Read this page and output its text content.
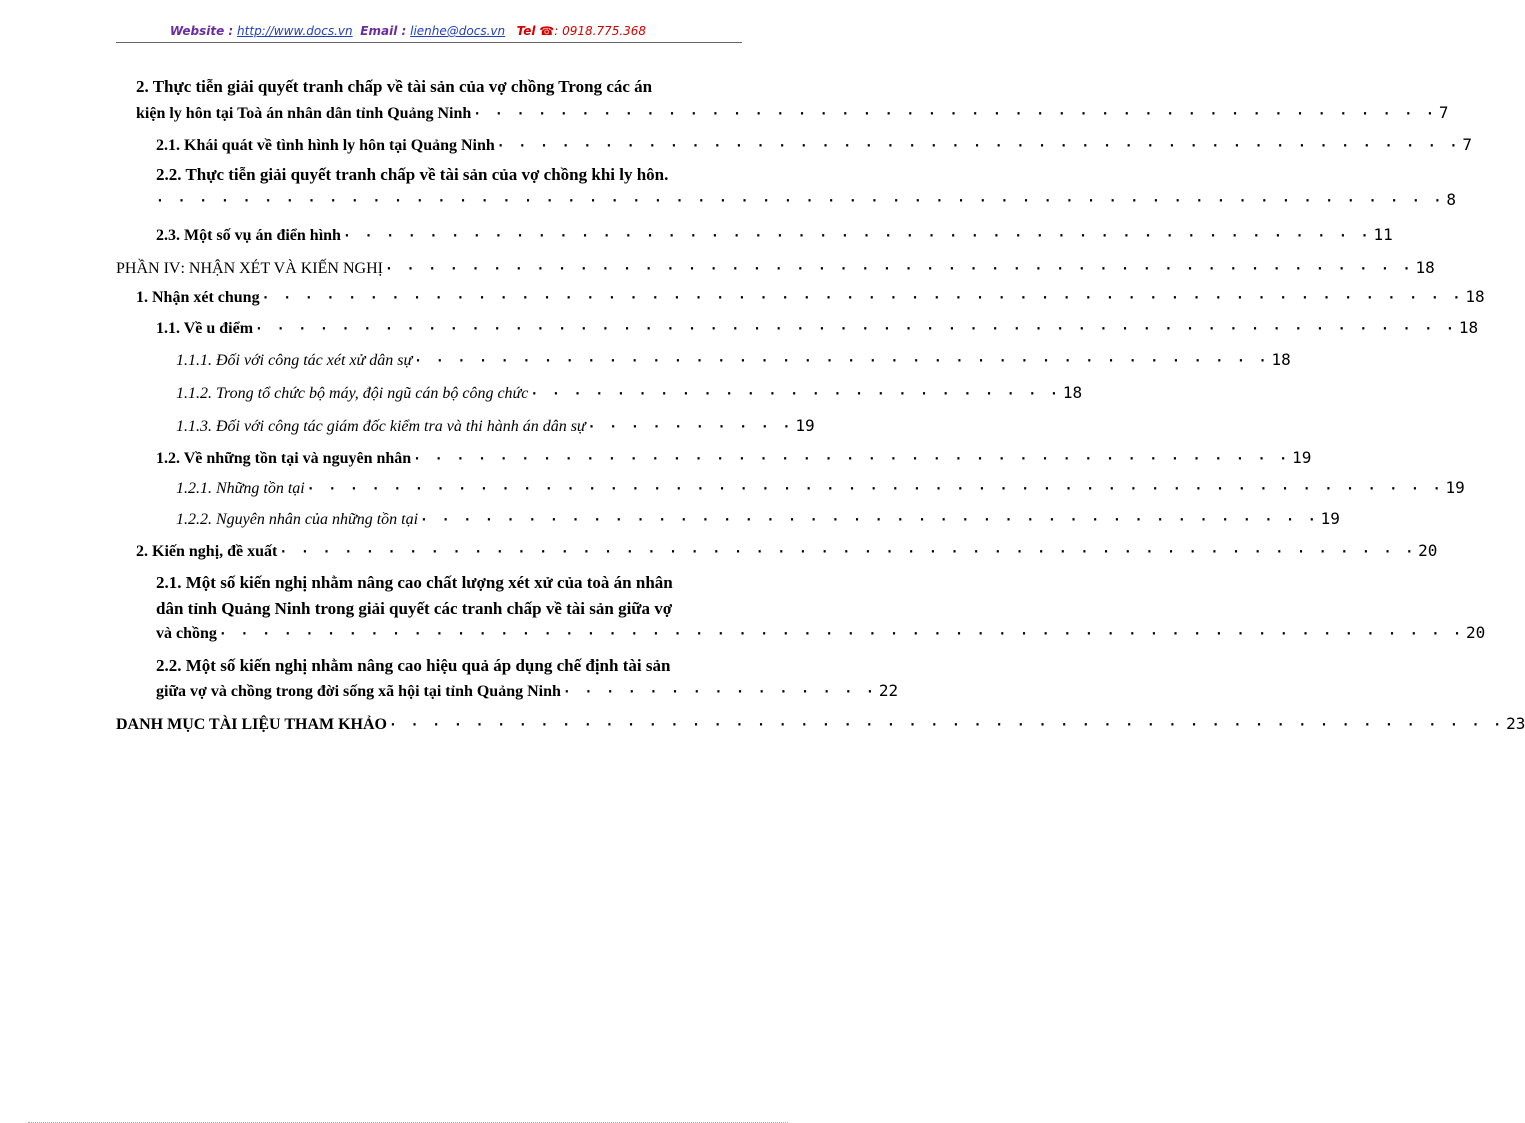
Website : http://www.docs.vn Email : lienhe@docs.vn Tel ☎: 0918.775.368
2. Thực tiễn giải quyết tranh chấp về tài sản của vợ chồng Trong các án
kiện ly hôn tại Toà án nhân dân tỉnh Quảng Ninh · · · · · · · · · · · · · · · · · · · · · · · · · · · · · · · · · · · · · · · · · · · · · 7
2.1. Khái quát về tình hình ly hôn tại Quảng Ninh · · · · · · · · · · · · · · · · · · · · · · · · · · · · · · · · · · · · · · · · · · · · · 7
2.2. Thực tiễn giải quyết tranh chấp về tài sản của vợ chồng khi ly hôn.
· · · · · · · · · · · · · · · · · · · · · · · · · · · · · · · · · · · · · · · · · · · · · · · · · · · · · · · · · · · · 8
2.3. Một số vụ án điển hình · · · · · · · · · · · · · · · · · · · · · · · · · · · · · · · · · · · · · · · · · · · · · · · · 11
PHẦN IV : NHẬN XÉT VÀ KIẾN NGHỊ · · · · · · · · · · · · · · · · · · · · · · · · · · · · · · · · · · · · · · · · · · · · · · · · 18
1. Nhận xét chung · · · · · · · · · · · · · · · · · · · · · · · · · · · · · · · · · · · · · · · · · · · · · · · · · · · · · · · · 18
1.1. Về u điểm · · · · · · · · · · · · · · · · · · · · · · · · · · · · · · · · · · · · · · · · · · · · · · · · · · · · · · · · 18
1.1.1. Đối với công tác xét xử dân sự · · · · · · · · · · · · · · · · · · · · · · · · · · · · · · · · · · · · · · · · 18
1.1.2. Trong tổ chức bộ máy, đội ngũ cán bộ công chức · · · · · · · · · · · · · · · · · · · · · · · · · 18
1.1.3. Đối với công tác giám đốc kiểm tra và thi hành án dân sự · · · · · · · · · · 19
1.2. Về những tồn tại và nguyên nhân · · · · · · · · · · · · · · · · · · · · · · · · · · · · · · · · · · · · · · · · · 19
1.2.1. Những tồn tại · · · · · · · · · · · · · · · · · · · · · · · · · · · · · · · · · · · · · · · · · · · · · · · · · · · · · 19
1.2.2. Nguyên nhân của những tồn tại · · · · · · · · · · · · · · · · · · · · · · · · · · · · · · · · · · · · · · · · · · 19
2. Kiến nghị, đề xuất · · · · · · · · · · · · · · · · · · · · · · · · · · · · · · · · · · · · · · · · · · · · · · · · · · · · · 20
2.1. Một số kiến nghị nhằm nâng cao chất lượng xét xử của toà án nhân
dân tỉnh Quảng Ninh trong giải quyết các tranh chấp về tài sản giữa vợ
và chồng · · · · · · · · · · · · · · · · · · · · · · · · · · · · · · · · · · · · · · · · · · · · · · · · · · · · · · · · · · 20
2.2. Một số kiến nghị nhằm nâng cao hiệu quả áp dụng chế định tài sản
giữa vợ và chồng trong đời sống xã hội tại tỉnh Quảng Ninh · · · · · · · · · · · · · · · 22
DANH MỤC TÀI LIỆU THAM KHẢO · · · · · · · · · · · · · · · · · · · · · · · · · · · · · · · · · · · · · · · · · · · · · · · · · · · · 23
